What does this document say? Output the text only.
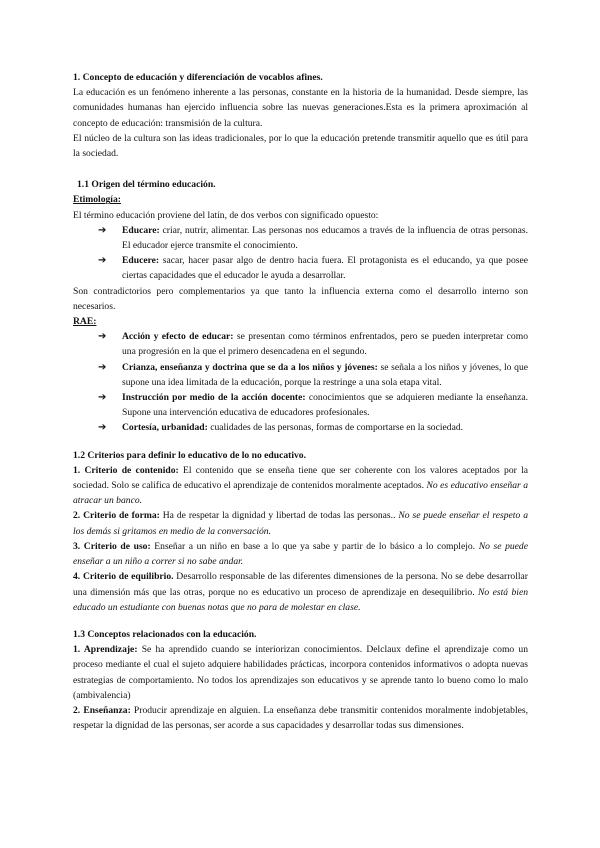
1. Concepto de educación y diferenciación de vocablos afines.

La educación es un fenómeno inherente a las personas, constante en la historia de la humanidad. Desde siempre, las comunidades humanas han ejercido influencia sobre las nuevas generaciones.Esta es la primera aproximación al concepto de educación: transmisión de la cultura.

El núcleo de la cultura son las ideas tradicionales, por lo que la educación pretende transmitir aquello que es útil para la sociedad.

1.1 Origen del término educación.
Etimología:

El término educación proviene del latín, de dos verbos con significado opuesto:

➔ Educare: criar, nutrir, alimentar. Las personas nos educamos a través de la influencia de otras personas. El educador ejerce transmite el conocimiento.
➔ Educere: sacar, hacer pasar algo de dentro hacia fuera. El protagonista es el educando, ya que posee ciertas capacidades que el educador le ayuda a desarrollar.

Son contradictorios pero complementarios ya que tanto la influencia externa como el desarrollo interno son necesarios.

RAE:
➔ Acción y efecto de educar: se presentan como términos enfrentados, pero se pueden interpretar como una progresión en la que el primero desencadena en el segundo.
➔ Crianza, enseñanza y doctrina que se da a los niños y jóvenes: se señala a los niños y jóvenes, lo que supone una idea limitada de la educación, porque la restringe a una sola etapa vital.
➔ Instrucción por medio de la acción docente: conocimientos que se adquieren mediante la enseñanza. Supone una intervención educativa de educadores profesionales.
➔ Cortesía, urbanidad: cualidades de las personas, formas de comportarse en la sociedad.
1.2 Criterios para definir lo educativo de lo no educativo.

1. Criterio de contenido: El contenido que se enseña tiene que ser coherente con los valores aceptados por la sociedad. Solo se califica de educativo el aprendizaje de contenidos moralmente aceptados. No es educativo enseñar a atracar un banco.

2. Criterio de forma: Ha de respetar la dignidad y libertad de todas las personas.. No se puede enseñar el respeto a los demás si gritamos en medio de la conversación.

3. Criterio de uso: Enseñar a un niño en base a lo que ya sabe y partir de lo básico a lo complejo. No se puede enseñar a un niño a correr si no sabe andar.

4. Criterio de equilibrio. Desarrollo responsable de las diferentes dimensiones de la persona. No se debe desarrollar una dimensión más que las otras, porque no es educativo un proceso de aprendizaje en desequilibrio. No está bien educado un estudiante con buenas notas que no para de molestar en clase.

1.3 Conceptos relacionados con la educación.

1. Aprendizaje: Se ha aprendido cuando se interiorizan conocimientos. Delclaux define el aprendizaje como un proceso mediante el cual el sujeto adquiere habilidades prácticas, incorpora contenidos informativos o adopta nuevas estrategias de comportamiento. No todos los aprendizajes son educativos y se aprende tanto lo bueno como lo malo (ambivalencia)

2. Enseñanza: Producir aprendizaje en alguien. La enseñanza debe transmitir contenidos moralmente indobjetables, respetar la dignidad de las personas, ser acorde a sus capacidades y desarrollar todas sus dimensiones.
